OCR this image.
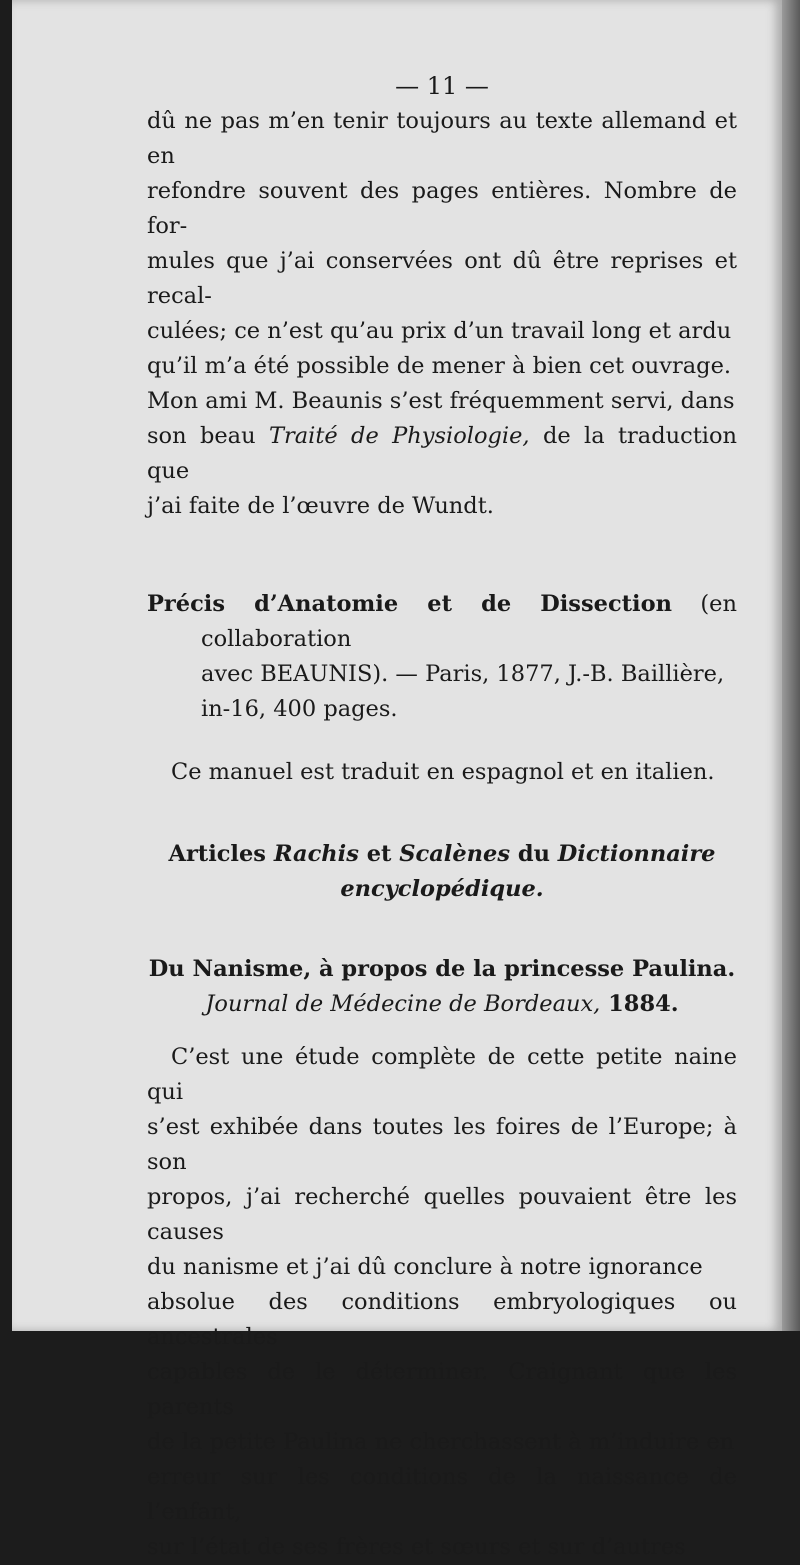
— 11 —

dû ne pas m’en tenir toujours au texte allemand et en
refondre souvent des pages entières. Nombre de for-
mules que j’ai conservées ont dû être reprises et recal-
culées; ce n’est qu’au prix d’un travail long et ardu
qu’il m’a été possible de mener à bien cet ouvrage.
Mon ami M. Beaunis s’est fréquemment servi, dans
son beau Traité de Physiologie, de la traduction que
j’ai faite de l’œuvre de Wundt.

Précis d’Anatomie et de Dissection (en collaboration
avec BEAUNIS). — Paris, 1877, J.-B. Baillière,
in-16, 400 pages.

Ce manuel est traduit en espagnol et en italien.

Articles Rachis et Scalènes du Dictionnaire
encyclopédique.

Du Nanisme, à propos de la princesse Paulina.
Journal de Médecine de Bordeaux, 1884.

C’est une étude complète de cette petite naine qui
s’est exhibée dans toutes les foires de l’Europe; à son
propos, j’ai recherché quelles pouvaient être les causes
du nanisme et j’ai dû conclure à notre ignorance
absolue des conditions embryologiques ou ancestrales
capables de le déterminer. Craignant que les parents
de la petite Paulina ne cherchassent à m’induire en
erreur sur les conditions de la naissance de l’enfant,
sur l’état de ses frères et sœurs et sur d’autres
